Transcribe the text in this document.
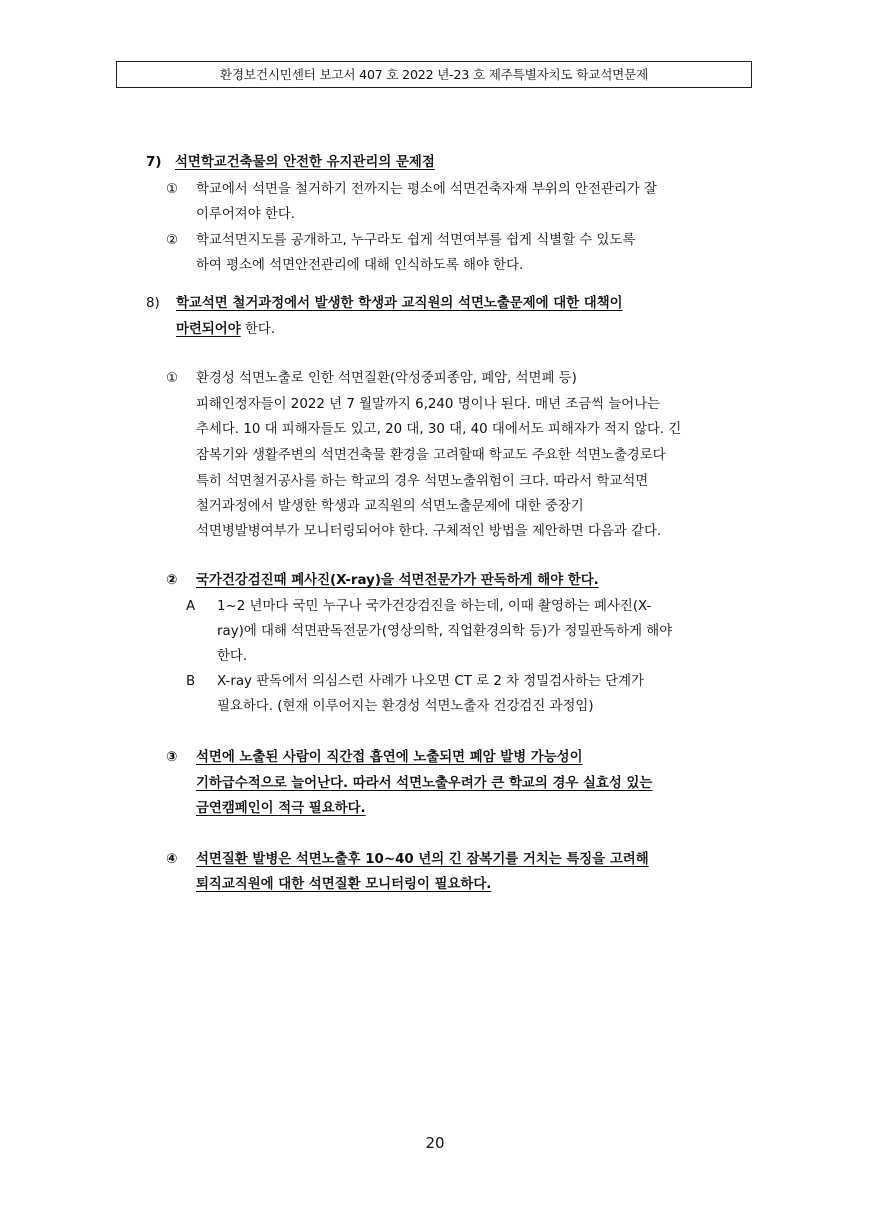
환경보건시민센터 보고서 407 호 2022 년-23 호 제주특별자치도 학교석면문제
7) 석면학교건축물의 안전한 유지관리의 문제점
① 학교에서 석면을 철거하기 전까지는 평소에 석면건축자재 부위의 안전관리가 잘
이루어져야 한다.
② 학교석면지도를 공개하고, 누구라도 쉽게 석면여부를 쉽게 식별할 수 있도록
하여 평소에 석면안전관리에 대해 인식하도록 해야 한다.
8) 학교석면 철거과정에서 발생한 학생과 교직원의 석면노출문제에 대한 대책이
마련되어야 한다.
① 환경성 석면노출로 인한 석면질환(악성중피종암, 폐암, 석면폐 등)
피해인정자들이 2022 년 7 월말까지 6,240 명이나 된다. 매년 조금씩 늘어나는
추세다. 10 대 피해자들도 있고, 20 대, 30 대, 40 대에서도 피해자가 적지 않다. 긴
잠복기와 생활주변의 석면건축물 환경을 고려할때 학교도 주요한 석면노출경로다
특히 석면철거공사를 하는 학교의 경우 석면노출위험이 크다. 따라서 학교석면
철거과정에서 발생한 학생과 교직원의 석면노출문제에 대한 중장기
석면병발병여부가 모니터링되어야 한다. 구체적인 방법을 제안하면 다음과 같다.
② 국가건강검진때 폐사진(X-ray)을 석면전문가가 판독하게 해야 한다.
A 1~2 년마다 국민 누구나 국가건강검진을 하는데, 이때 촬영하는 폐사진(X-
ray)에 대해 석면판독전문가(영상의학, 직업환경의학 등)가 정밀판독하게 해야
한다.
B X-ray 판독에서 의심스런 사례가 나오면 CT 로 2 차 정밀검사하는 단계가
필요하다. (현재 이루어지는 환경성 석면노출자 건강검진 과정임)
③ 석면에 노출된 사람이 직간접 흡연에 노출되면 폐암 발병 가능성이
기하급수적으로 늘어난다. 따라서 석면노출우려가 큰 학교의 경우 실효성 있는
금연캠페인이 적극 필요하다.
④ 석면질환 발병은 석면노출후 10~40 년의 긴 잠복기를 거치는 특징을 고려해
퇴직교직원에 대한 석면질환 모니터링이 필요하다.
20
